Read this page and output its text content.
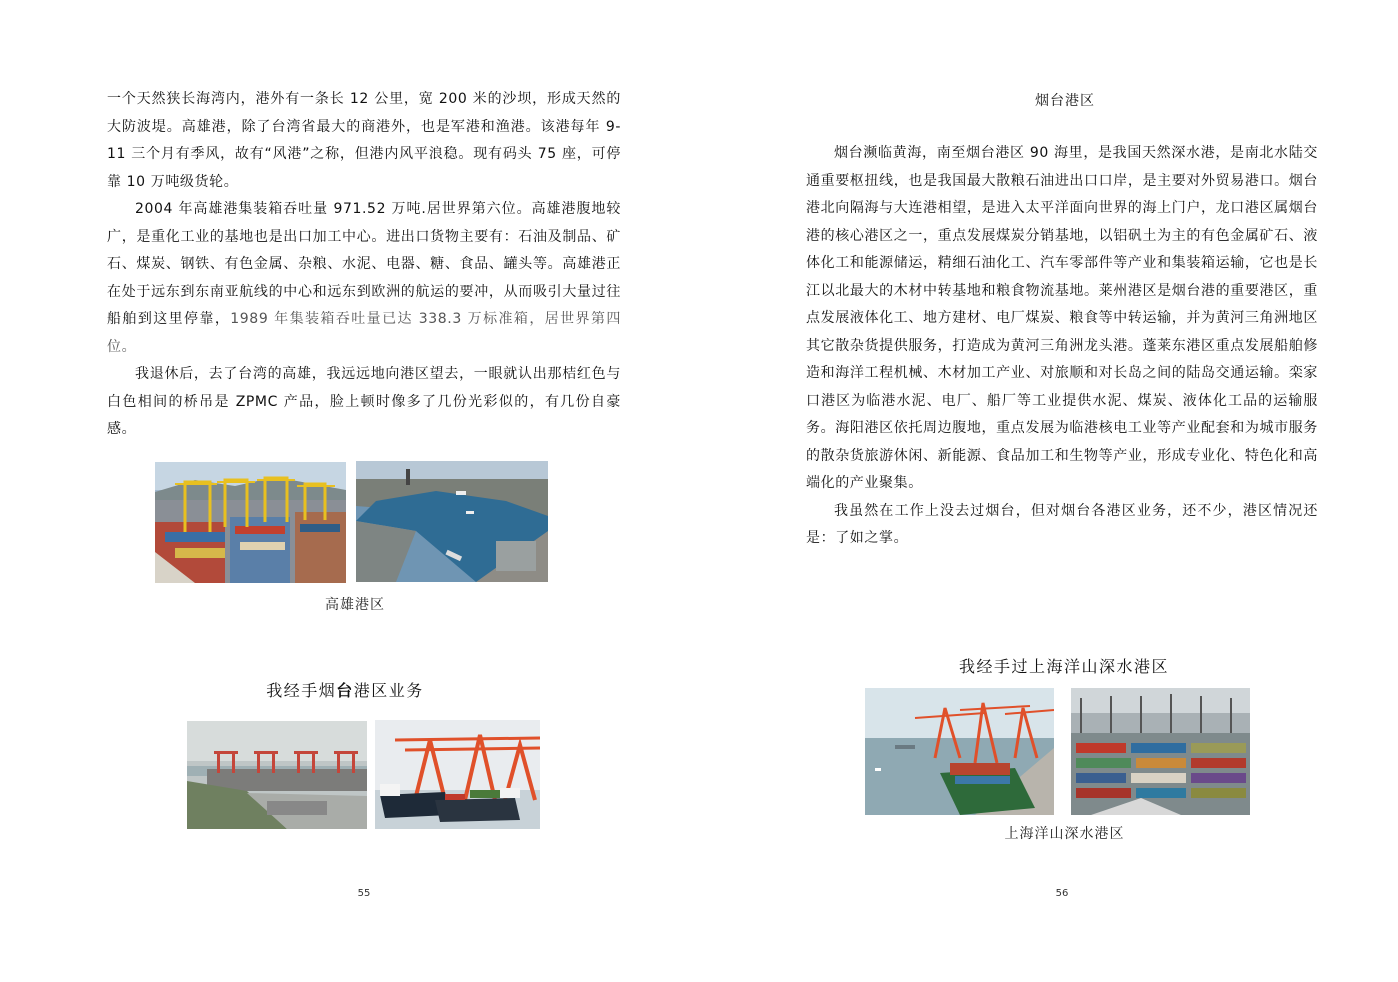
一个天然狭长海湾内，港外有一条长 12 公里，宽 200 米的沙坝，形成天然的大防波堤。高雄港，除了台湾省最大的商港外，也是军港和渔港。该港每年 9-11 三个月有季风，故有“风港”之称，但港内风平浪稳。现有码头 75 座，可停靠 10 万吨级货轮。

2004 年高雄港集装箱吞吐量 971.52 万吨.居世界第六位。高雄港腹地较广，是重化工业的基地也是出口加工中心。进出口货物主要有：石油及制品、矿石、煤炭、钢铁、有色金属、杂粮、水泥、电器、糖、食品、罐头等。高雄港正在处于远东到东南亚航线的中心和远东到欧洲的航运的要冲，从而吸引大量过往船舶到这里停靠，1989 年集装箱吞吐量已达 338.3 万标准箱，居世界第四位。

我退休后，去了台湾的高雄，我远远地向港区望去，一眼就认出那桔红色与白色相间的桥吊是 ZPMC 产品，脸上顿时像多了几份光彩似的，有几份自豪感。

高雄港区
我经手烟台港区业务
55
烟台港区

烟台濒临黄海，南至烟台港区 90 海里，是我国天然深水港，是南北水陆交通重要枢扭线，也是我国最大散粮石油进出口口岸，是主要对外贸易港口。烟台港北向隔海与大连港相望，是进入太平洋面向世界的海上门户，龙口港区属烟台港的核心港区之一，重点发展煤炭分销基地，以铝矾土为主的有色金属矿石、液体化工和能源储运，精细石油化工、汽车零部件等产业和集装箱运输，它也是长江以北最大的木材中转基地和粮食物流基地。莱州港区是烟台港的重要港区，重点发展液体化工、地方建材、电厂煤炭、粮食等中转运输，并为黄河三角洲地区其它散杂货提供服务，打造成为黄河三角洲龙头港。蓬莱东港区重点发展船舶修造和海洋工程机械、木材加工产业、对旅顺和对长岛之间的陆岛交通运输。栾家口港区为临港水泥、电厂、船厂等工业提供水泥、煤炭、液体化工品的运输服务。海阳港区依托周边腹地，重点发展为临港核电工业等产业配套和为城市服务的散杂货旅游休闲、新能源、食品加工和生物等产业，形成专业化、特色化和高端化的产业聚集。

我虽然在工作上没去过烟台，但对烟台各港区业务，还不少，港区情况还是：了如之掌。

我经手过上海洋山深水港区
上海洋山深水港区
56
